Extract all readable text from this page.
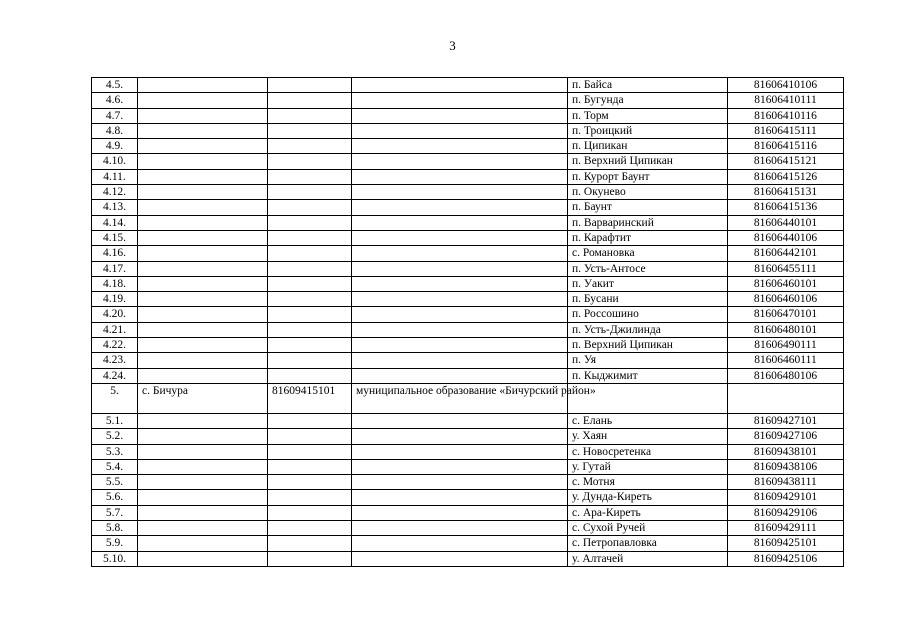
3
4.5.				п. Байса	81606410106
4.6.				п. Бугунда	81606410111
4.7.				п. Торм	81606410116
4.8.				п. Троицкий	81606415111
4.9.				п. Ципикан	81606415116
4.10.				п. Верхний Ципикан	81606415121
4.11.				п. Курорт Баунт	81606415126
4.12.				п. Окунево	81606415131
4.13.				п. Баунт	81606415136
4.14.				п. Варваринский	81606440101
4.15.				п. Карафтит	81606440106
4.16.				с. Романовка	81606442101
4.17.				п. Усть-Антосе	81606455111
4.18.				п. Уакит	81606460101
4.19.				п. Бусани	81606460106
4.20.				п. Россошино	81606470101
4.21.				п. Усть-Джилинда	81606480101
4.22.				п. Верхний Ципикан	81606490111
4.23.				п. Уя	81606460111
4.24.				п. Кыджимит	81606480106
5.	с. Бичура	81609415101	муниципальное образование «Бичурский район»		
5.1.				с. Елань	81609427101
5.2.				у. Хаян	81609427106
5.3.				с. Новосретенка	81609438101
5.4.				у. Гутай	81609438106
5.5.				с. Мотня	81609438111
5.6.				у. Дунда-Киреть	81609429101
5.7.				с. Ара-Киреть	81609429106
5.8.				с. Сухой Ручей	81609429111
5.9.				с. Петропавловка	81609425101
5.10.				у. Алтачей	81609425106
